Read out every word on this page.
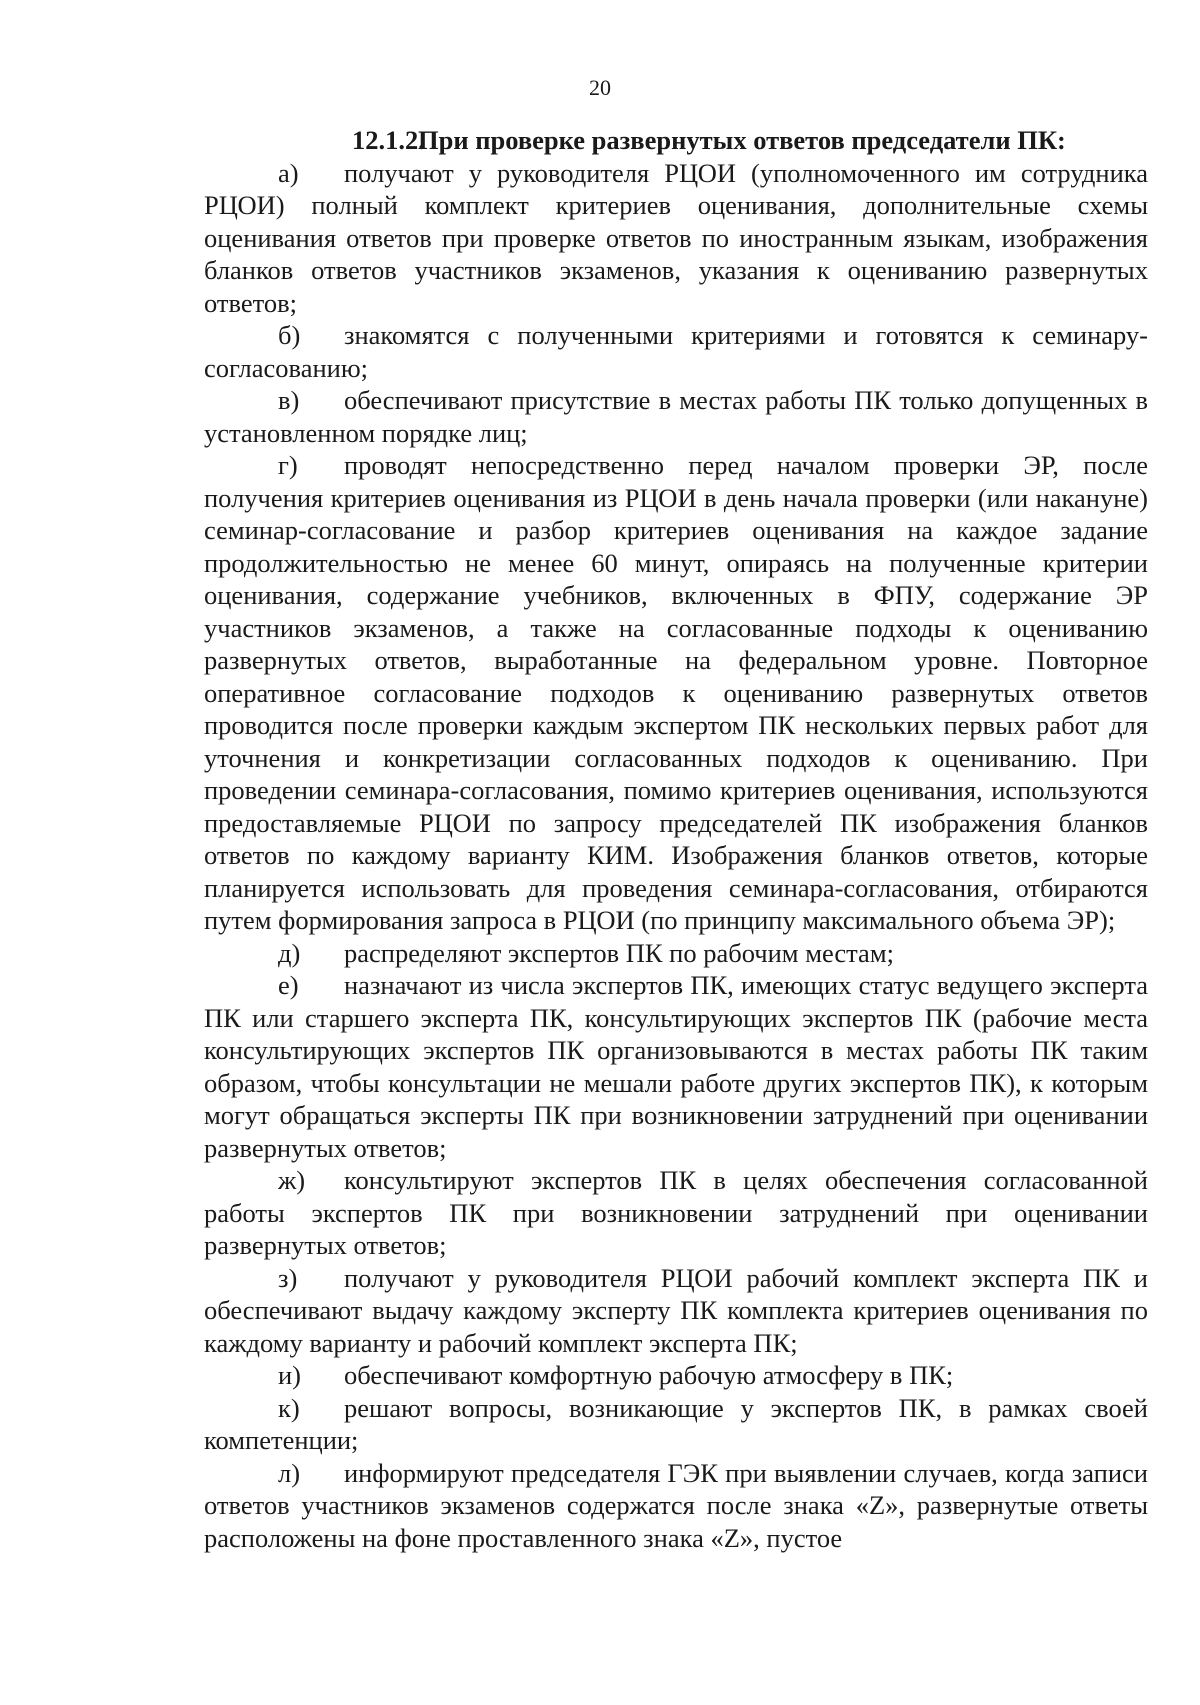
20

12.1.2.При проверке развернутых ответов председатели ПК:

а) получают у руководителя РЦОИ (уполномоченного им сотрудника РЦОИ) полный комплект критериев оценивания, дополнительные схемы оценивания ответов при проверке ответов по иностранным языкам, изображения бланков ответов участников экзаменов, указания к оцениванию развернутых ответов;

б) знакомятся с полученными критериями и готовятся к семинару-согласованию;

в) обеспечивают присутствие в местах работы ПК только допущенных в установленном порядке лиц;

г) проводят непосредственно перед началом проверки ЭР, после получения критериев оценивания из РЦОИ в день начала проверки (или накануне) семинар-согласование и разбор критериев оценивания на каждое задание продолжительностью не менее 60 минут, опираясь на полученные критерии оценивания, содержание учебников, включенных в ФПУ, содержание ЭР участников экзаменов, а также на согласованные подходы к оцениванию развернутых ответов, выработанные на федеральном уровне. Повторное оперативное согласование подходов к оцениванию развернутых ответов проводится после проверки каждым экспертом ПК нескольких первых работ для уточнения и конкретизации согласованных подходов к оцениванию. При проведении семинара-согласования, помимо критериев оценивания, используются предоставляемые РЦОИ по запросу председателей ПК изображения бланков ответов по каждому варианту КИМ. Изображения бланков ответов, которые планируется использовать для проведения семинара-согласования, отбираются путем формирования запроса в РЦОИ (по принципу максимального объема ЭР);

д) распределяют экспертов ПК по рабочим местам;

е) назначают из числа экспертов ПК, имеющих статус ведущего эксперта ПК или старшего эксперта ПК, консультирующих экспертов ПК (рабочие места консультирующих экспертов ПК организовываются в местах работы ПК таким образом, чтобы консультации не мешали работе других экспертов ПК), к которым могут обращаться эксперты ПК при возникновении затруднений при оценивании развернутых ответов;

ж) консультируют экспертов ПК в целях обеспечения согласованной работы экспертов ПК при возникновении затруднений при оценивании развернутых ответов;

з) получают у руководителя РЦОИ рабочий комплект эксперта ПК и обеспечивают выдачу каждому эксперту ПК комплекта критериев оценивания по каждому варианту и рабочий комплект эксперта ПК;

и) обеспечивают комфортную рабочую атмосферу в ПК;

к) решают вопросы, возникающие у экспертов ПК, в рамках своей компетенции;

л) информируют председателя ГЭК при выявлении случаев, когда записи ответов участников экзаменов содержатся после знака «Z», развернутые ответы расположены на фоне проставленного знака «Z», пустое
